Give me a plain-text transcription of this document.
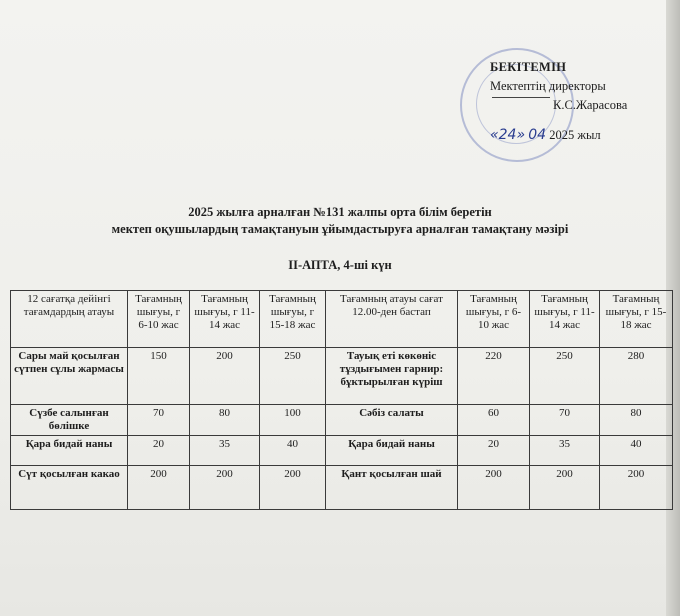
БЕКІТЕМІН
Мектептің директоры
К.С.Жарасова
«24» 04 2025 жыл
2025 жылға арналған №131 жалпы орта білім беретін
мектеп оқушылардың тамақтануын ұйымдастыруға арналған тамақтану мәзірі
II-АПТА, 4-ші күн
12 сағатқа дейінгі тағамдардың атауы	Тағамның шығуы, г 6-10 жас	Тағамның шығуы, г 11-14 жас	Тағамның шығуы, г 15-18 жас	Тағамның атауы сағат 12.00-ден бастап	Тағамның шығуы, г 6-10 жас	Тағамның шығуы, г 11-14 жас	Тағамның шығуы, г 15-18 жас
Сары май қосылған сүтпен сұлы жармасы	150	200	250	Тауық еті көкөніс тұздығымен гарнир: бұктырылған күріш	220	250	280
Сүзбе салынған бөлішке	70	80	100	Сәбіз салаты	60	70	80
Қара бидай наны	20	35	40	Қара бидай наны	20	35	40
Сүт қосылған какао	200	200	200	Қант қосылған шай	200	200	200
